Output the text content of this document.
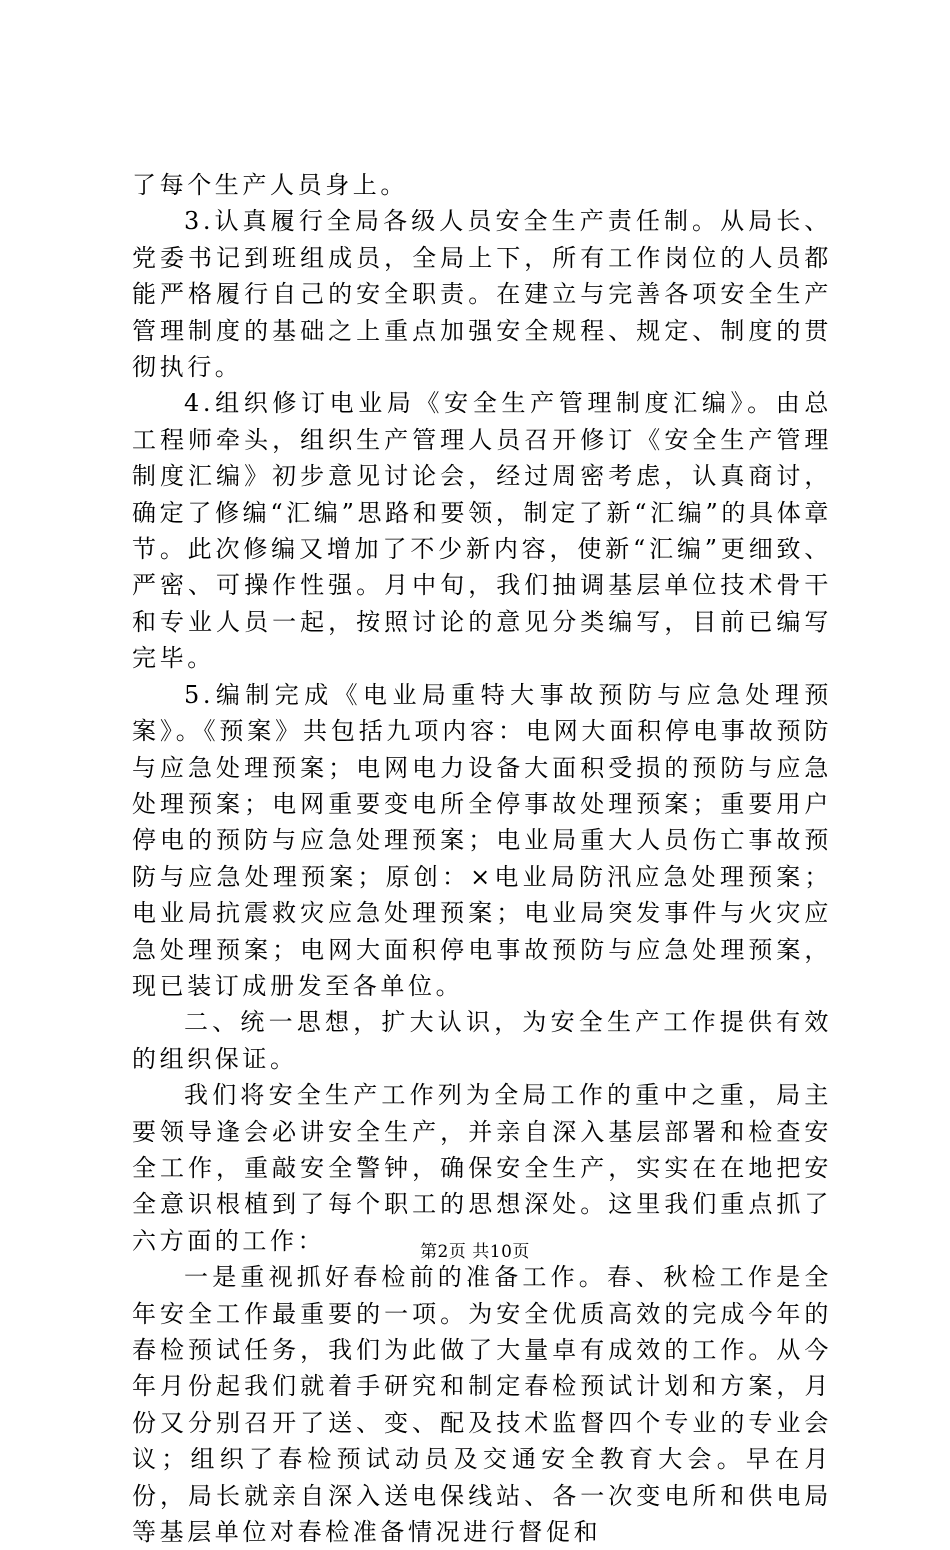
了每个生产人员身上。

3.认真履行全局各级人员安全生产责任制。从局长、党委书记到班组成员，全局上下，所有工作岗位的人员都能严格履行自己的安全职责。在建立与完善各项安全生产管理制度的基础之上重点加强安全规程、规定、制度的贯彻执行。

4.组织修订电业局《安全生产管理制度汇编》。由总工程师牵头，组织生产管理人员召开修订《安全生产管理制度汇编》初步意见讨论会，经过周密考虑，认真商讨，确定了修编“汇编”思路和要领，制定了新“汇编”的具体章节。此次修编又增加了不少新内容，使新“汇编”更细致、严密、可操作性强。月中旬，我们抽调基层单位技术骨干和专业人员一起，按照讨论的意见分类编写，目前已编写完毕。

5.编制完成《电业局重特大事故预防与应急处理预案》。《预案》共包括九项内容：电网大面积停电事故预防与应急处理预案；电网电力设备大面积受损的预防与应急处理预案；电网重要变电所全停事故处理预案；重要用户停电的预防与应急处理预案；电业局重大人员伤亡事故预防与应急处理预案；原创：×电业局防汛应急处理预案；电业局抗震救灾应急处理预案；电业局突发事件与火灾应急处理预案；电网大面积停电事故预防与应急处理预案，现已装订成册发至各单位。

二、统一思想，扩大认识，为安全生产工作提供有效的组织保证。

我们将安全生产工作列为全局工作的重中之重，局主要领导逢会必讲安全生产，并亲自深入基层部署和检查安全工作，重敲安全警钟，确保安全生产，实实在在地把安全意识根植到了每个职工的思想深处。这里我们重点抓了六方面的工作：

一是重视抓好春检前的准备工作。春、秋检工作是全年安全工作最重要的一项。为安全优质高效的完成今年的春检预试任务，我们为此做了大量卓有成效的工作。从今年月份起我们就着手研究和制定春检预试计划和方案，月份又分别召开了送、变、配及技术监督四个专业的专业会议；组织了春检预试动员及交通安全教育大会。早在月份，局长就亲自深入送电保线站、各一次变电所和供电局等基层单位对春检准备情况进行督促和

第2页 共10页
